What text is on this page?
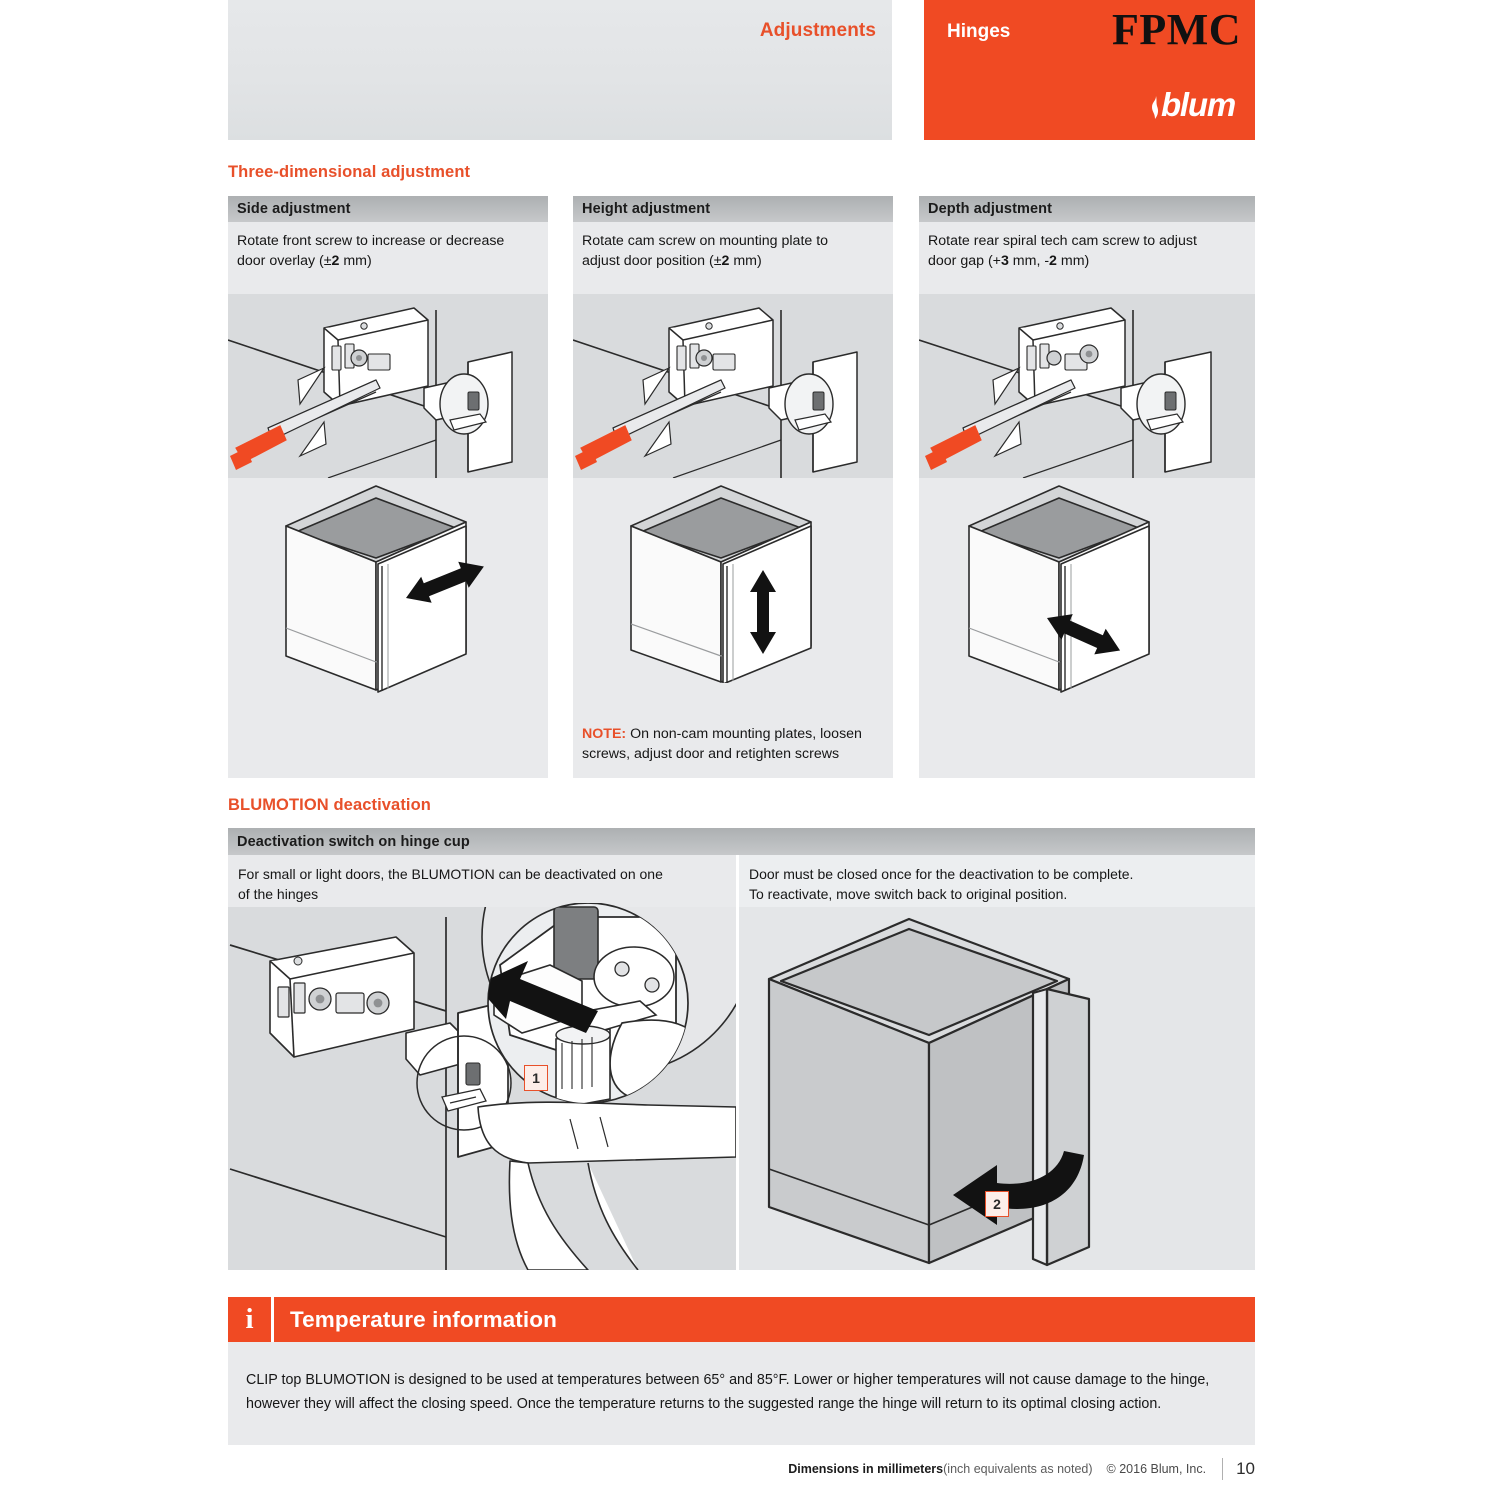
Adjustments	Hinges FPMC
blum
Three-dimensional adjustment
Side adjustment

Rotate front screw to increase or decrease
door overlay (±2 mm)

Height adjustment

Rotate cam screw on mounting plate to
adjust door position (±2 mm)

NOTE: On non-cam mounting plates, loosen
screws, adjust door and retighten screws
Depth adjustment

Rotate rear spiral tech cam screw to adjust
door gap (+3 mm, -2 mm)

BLUMOTION deactivation
Deactivation switch on hinge cup
For small or light doors, the BLUMOTION can be deactivated on one
of the hinges
1
Door must be closed once for the deactivation to be complete.
To reactivate, move switch back to original position.
2
i	Temperature information

CLIP top BLUMOTION is designed to be used at temperatures between 65° and 85°F. Lower or higher temperatures will not cause damage to the hinge, however they will affect the closing speed. Once the temperature returns to the suggested range the hinge will return to its optimal closing action.

Dimensions in millimeters (inch equivalents as noted) © 2016 Blum, Inc. 10
